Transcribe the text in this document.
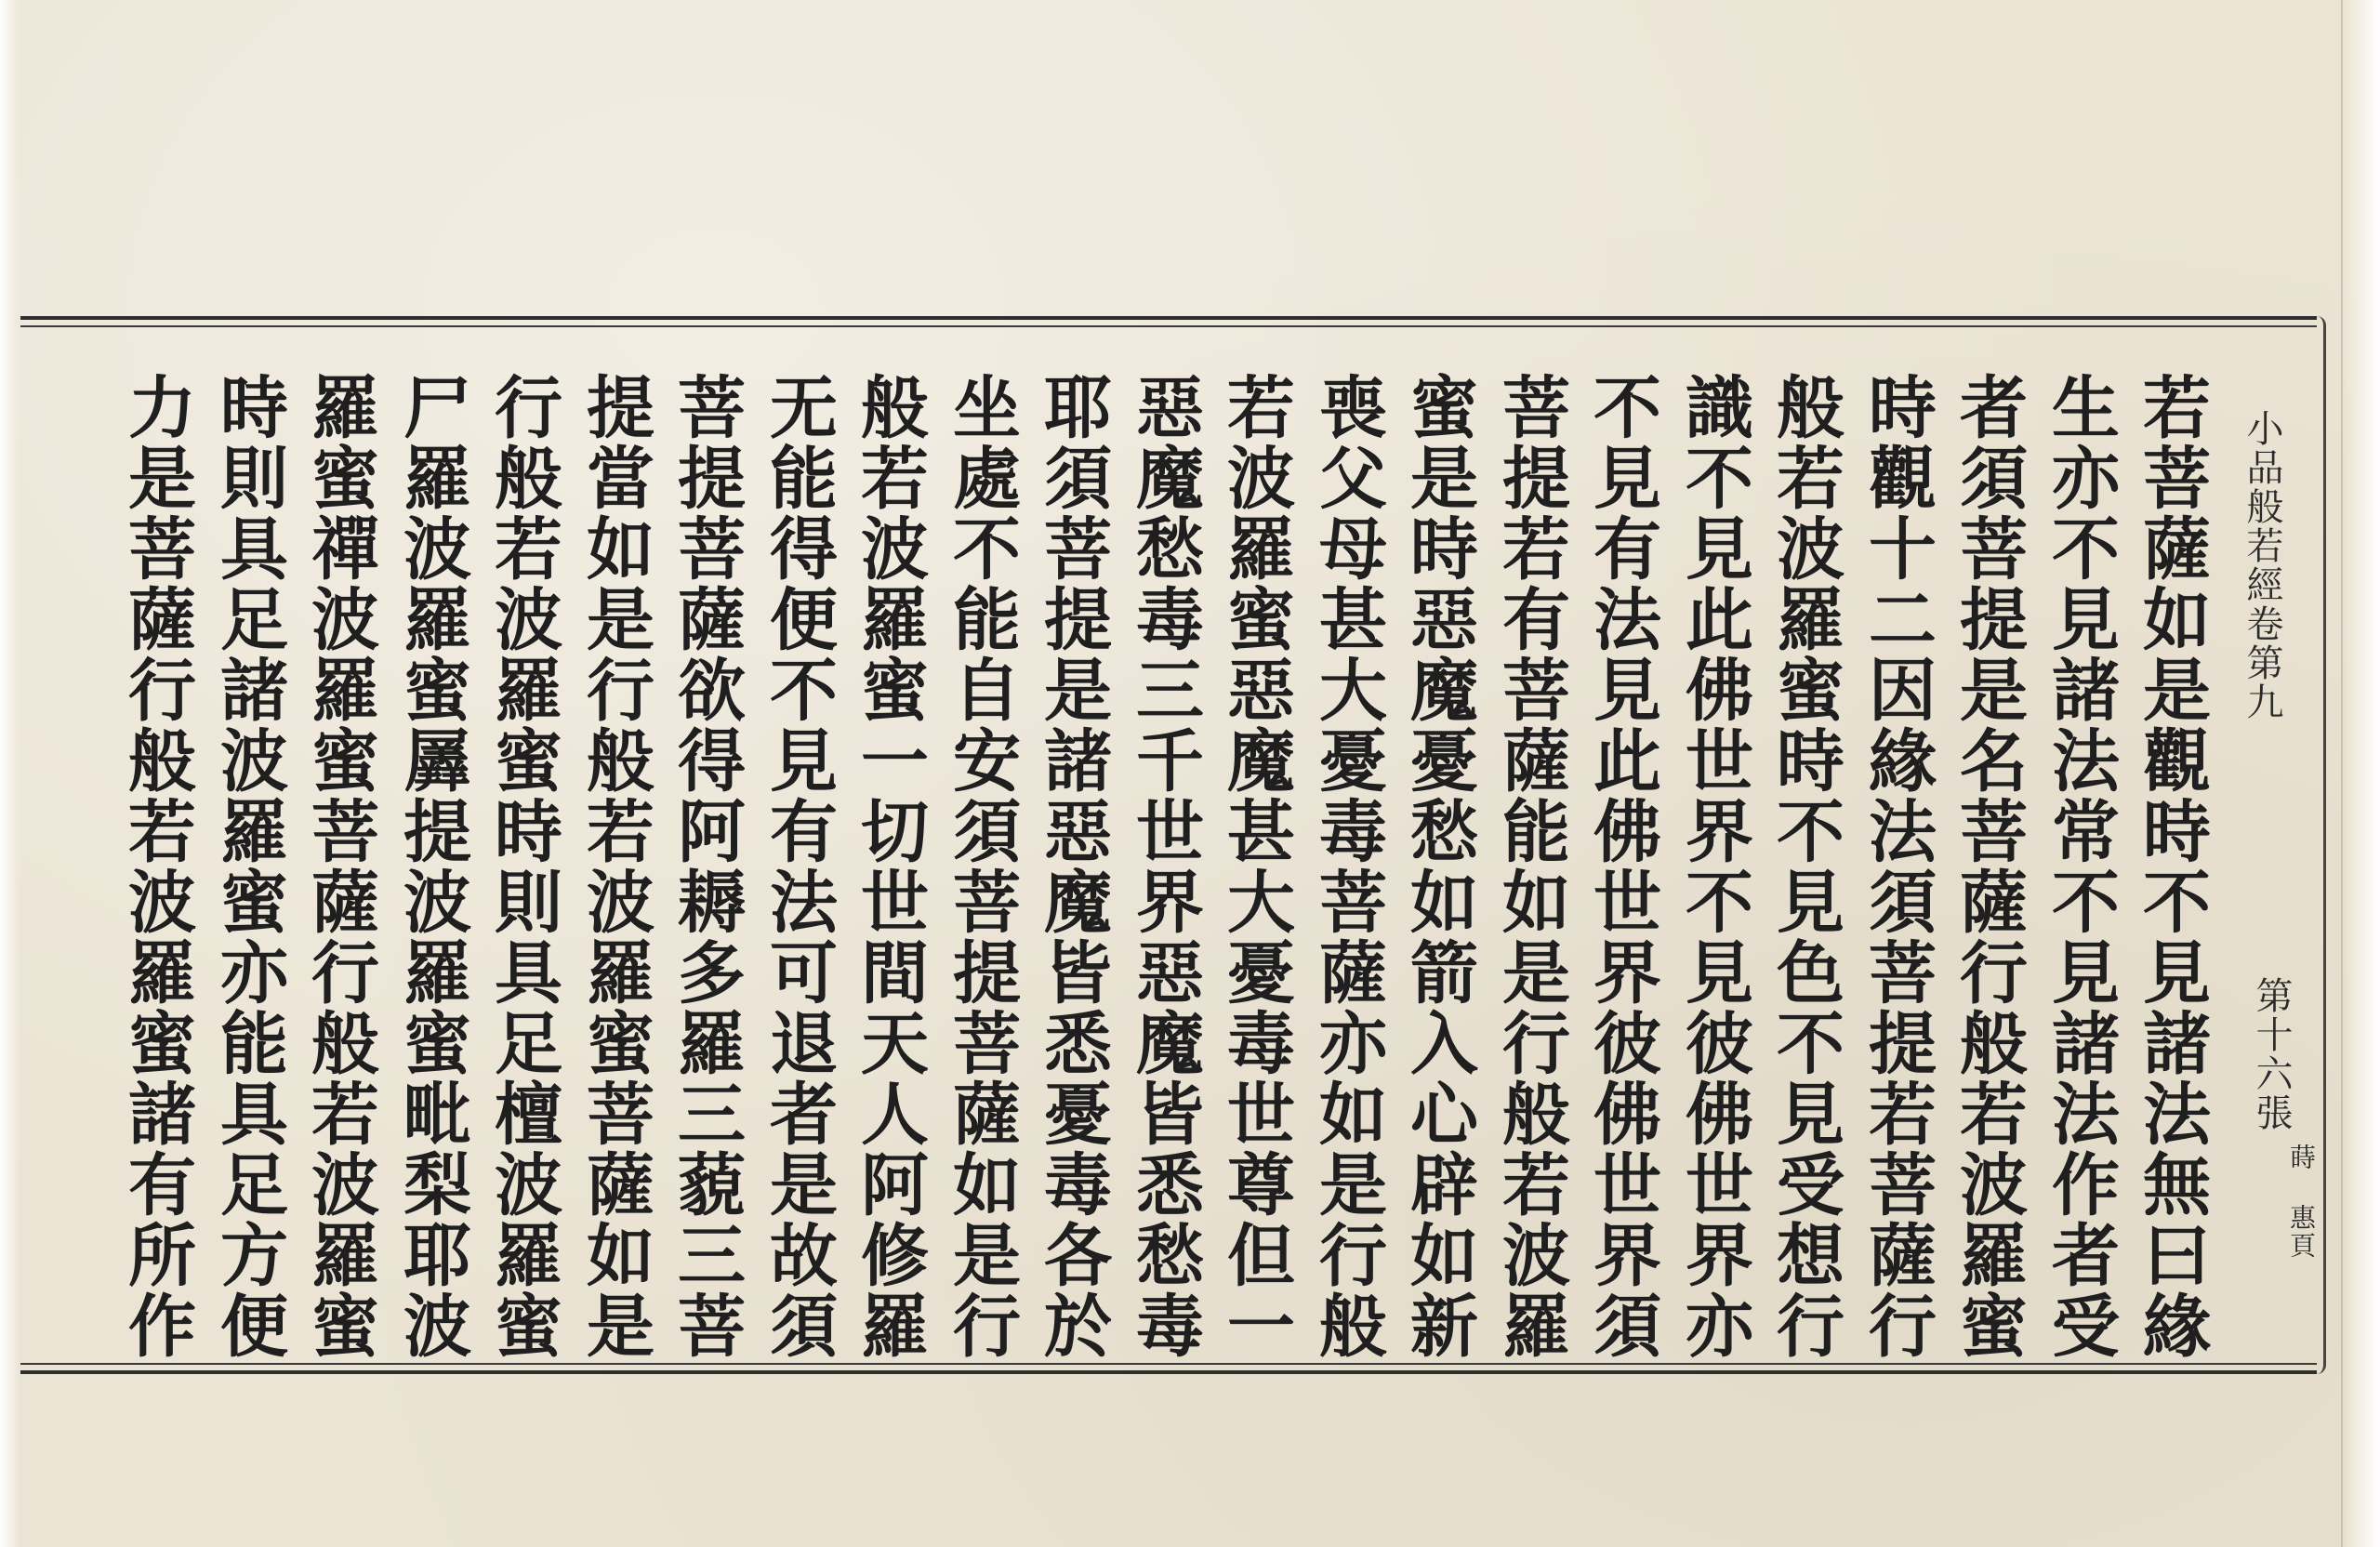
若菩薩如是觀時不見諸法無曰緣
生亦不見諸法常不見諸法作者受
者須菩提是名菩薩行般若波羅蜜
時觀十二因緣法須菩提若菩薩行
般若波羅蜜時不見色不見受想行
識不見此佛世界不見彼佛世界亦
不見有法見此佛世界彼佛世界須
菩提若有菩薩能如是行般若波羅
蜜是時惡魔憂愁如箭入心辟如新
喪父母甚大憂毒菩薩亦如是行般
若波羅蜜惡魔甚大憂毒世尊但一
惡魔愁毒三千世界惡魔皆悉愁毒
耶須菩提是諸惡魔皆悉憂毒各於
坐處不能自安須菩提菩薩如是行
般若波羅蜜一切世間天人阿修羅
无能得便不見有法可退者是故須
菩提菩薩欲得阿耨多羅三藐三菩
提當如是行般若波羅蜜菩薩如是
行般若波羅蜜時則具足檀波羅蜜
尸羅波羅蜜羼提波羅蜜毗梨耶波
羅蜜禪波羅蜜菩薩行般若波羅蜜
時則具足諸波羅蜜亦能具足方便
力是菩薩行般若波羅蜜諸有所作	小品般若經卷第九
第十六張
蒔 惠頁
